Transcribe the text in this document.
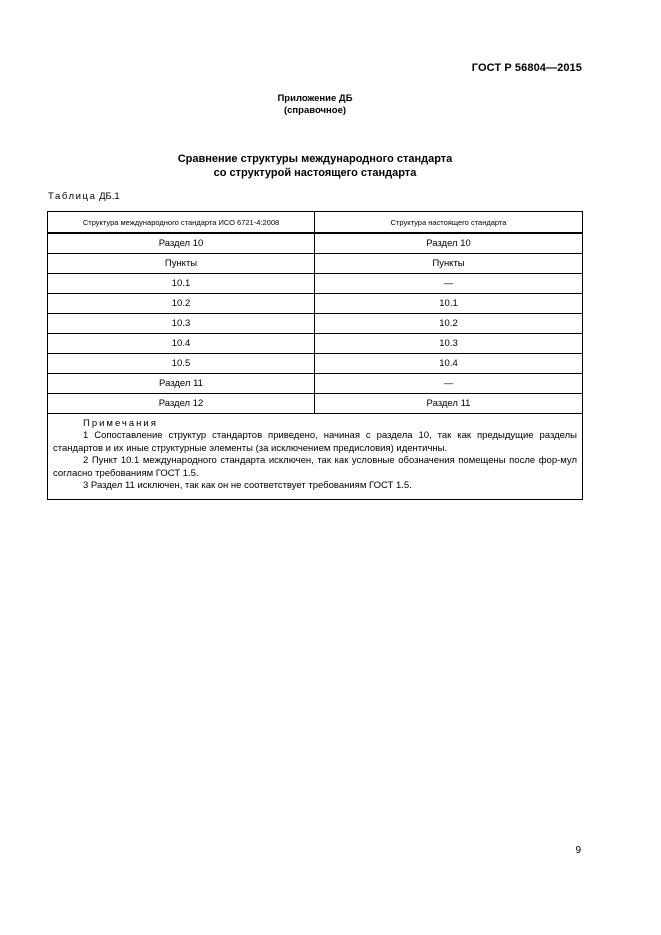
ГОСТ Р 56804—2015
Приложение ДБ
(справочное)
Сравнение структуры международного стандарта
со структурой настоящего стандарта
Таблица ДБ.1
Структура международного стандарта ИСО 6721-4:2008	Структура настоящего стандарта
Раздел 10	Раздел 10
Пункты	Пункты
10.1	—
10.2	10.1
10.3	10.2
10.4	10.3
10.5	10.4
Раздел 11	—
Раздел 12	Раздел 11

Примечания
1 Сопоставление структур стандартов приведено, начиная с раздела 10, так как предыдущие разделы стандартов и их иные структурные элементы (за исключением предисловия) идентичны.
2 Пункт 10.1 международного стандарта исключен, так как условные обозначения помещены после фор-мул согласно требованиям ГОСТ 1.5.
3 Раздел 11 исключен, так как он не соответствует требованиям ГОСТ 1.5.	
9
